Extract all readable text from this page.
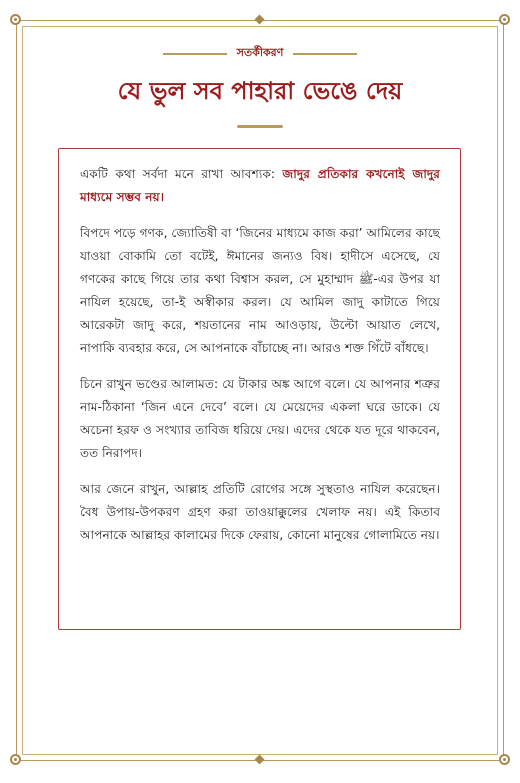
সতর্কীকরণ
যে ভুল সব পাহারা ভেঙে দেয়

একটি কথা সর্বদা মনে রাখা আবশ্যক: জাদুর প্রতিকার কখনোই জাদুর মাধ্যমে সম্ভব নয়।

বিপদে পড়ে গণক, জ্যোতিষী বা ‘জিনের মাধ্যমে কাজ করা’ আমিলের কাছে যাওয়া বোকামি তো বটেই, ঈমানের জন্যও বিষ। হাদীসে এসেছে, যে গণকের কাছে গিয়ে তার কথা বিশ্বাস করল, সে মুহাম্মাদ ﷺ-এর উপর যা নাযিল হয়েছে, তা-ই অস্বীকার করল। যে আমিল জাদু কাটাতে গিয়ে আরেকটা জাদু করে, শয়তানের নাম আওড়ায়, উল্টো আয়াত লেখে, নাপাকি ব্যবহার করে, সে আপনাকে বাঁচাচ্ছে না। আরও শক্ত গিঁটে বাঁধছে।

চিনে রাখুন ভণ্ডের আলামত: যে টাকার অঙ্ক আগে বলে। যে আপনার শত্রুর নাম-ঠিকানা ‘জিন এনে দেবে’ বলে। যে মেয়েদের একলা ঘরে ডাকে। যে অচেনা হরফ ও সংখ্যার তাবিজ ধরিয়ে দেয়। এদের থেকে যত দূরে থাকবেন, তত নিরাপদ।

আর জেনে রাখুন, আল্লাহ প্রতিটি রোগের সঙ্গে সুস্থতাও নাযিল করেছেন। বৈধ উপায়-উপকরণ গ্রহণ করা তাওয়াক্কুলের খেলাফ নয়। এই কিতাব আপনাকে আল্লাহর কালামের দিকে ফেরায়, কোনো মানুষের গোলামিতে নয়।
